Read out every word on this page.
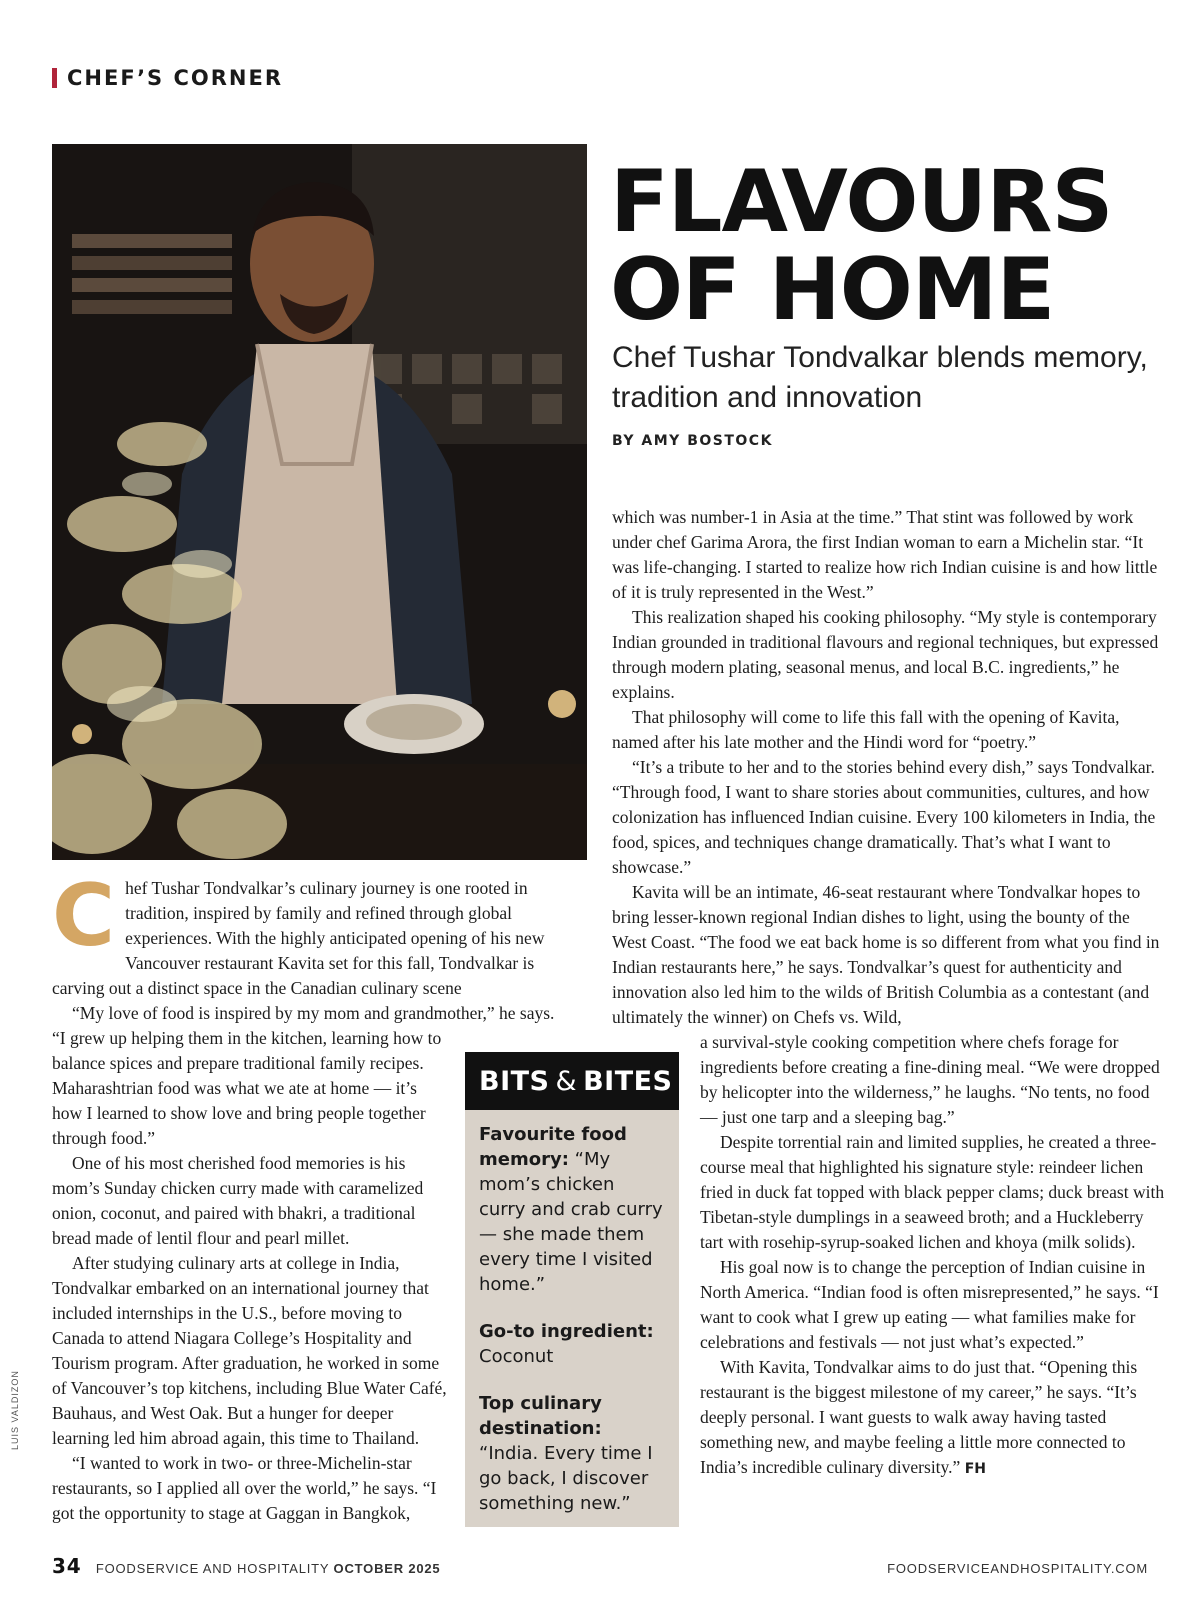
CHEF’S CORNER
FLAVOURS
OF HOME
Chef Tushar Tondvalkar blends memory, tradition and innovation
BY AMY BOSTOCK

Chef Tushar Tondvalkar’s culinary journey is one rooted in tradition, inspired by family and refined through global experiences. With the highly anticipated opening of his new Vancouver restaurant Kavita set for this fall, Tondvalkar is carving out a distinct space in the Canadian culinary scene

“My love of food is inspired by my mom and grandmother,” he says.

“I grew up helping them in the kitchen, learning how to balance spices and prepare traditional family recipes. Maharashtrian food was what we ate at home — it’s how I learned to show love and bring people together through food.”

One of his most cherished food memories is his mom’s Sunday chicken curry made with caramelized onion, coconut, and paired with bhakri, a traditional bread made of lentil flour and pearl millet.

After studying culinary arts at college in India, Tondvalkar embarked on an international journey that included internships in the U.S., before moving to Canada to attend Niagara College’s Hospitality and Tourism program. After graduation, he worked in some of Vancouver’s top kitchens, including Blue Water Café, Bauhaus, and West Oak. But a hunger for deeper learning led him abroad again, this time to Thailand.

“I wanted to work in two- or three-Michelin-star restaurants, so I applied all over the world,” he says. “I got the opportunity to stage at Gaggan in Bangkok,

which was number-1 in Asia at the time.” That stint was followed by work under chef Garima Arora, the first Indian woman to earn a Michelin star. “It was life-changing. I started to realize how rich Indian cuisine is and how little of it is truly represented in the West.”

This realization shaped his cooking philosophy. “My style is contemporary Indian grounded in traditional flavours and regional techniques, but expressed through modern plating, seasonal menus, and local B.C. ingredients,” he explains.

That philosophy will come to life this fall with the opening of Kavita, named after his late mother and the Hindi word for “poetry.”

“It’s a tribute to her and to the stories behind every dish,” says Tondvalkar. “Through food, I want to share stories about communities, cultures, and how colonization has influenced Indian cuisine. Every 100 kilometers in India, the food, spices, and techniques change dramatically. That’s what I want to showcase.”

Kavita will be an intimate, 46-seat restaurant where Tondvalkar hopes to bring lesser-known regional Indian dishes to light, using the bounty of the West Coast. “The food we eat back home is so different from what you find in Indian restaurants here,” he says. Tondvalkar’s quest for authenticity and innovation also led him to the wilds of British Columbia as a contestant (and ultimately the winner) on Chefs vs. Wild,

a survival-style cooking competition where chefs forage for ingredients before creating a fine-dining meal. “We were dropped by helicopter into the wilderness,” he laughs. “No tents, no food — just one tarp and a sleeping bag.”

Despite torrential rain and limited supplies, he created a three-course meal that highlighted his signature style: reindeer lichen fried in duck fat topped with black pepper clams; duck breast with Tibetan-style dumplings in a seaweed broth; and a Huckleberry tart with rosehip-syrup-soaked lichen and khoya (milk solids).

His goal now is to change the perception of Indian cuisine in North America. “Indian food is often misrepresented,” he says. “I want to cook what I grew up eating — what families make for celebrations and festivals — not just what’s expected.”

With Kavita, Tondvalkar aims to do just that. “Opening this restaurant is the biggest milestone of my career,” he says. “It’s deeply personal. I want guests to walk away having tasted something new, and maybe feeling a little more connected to India’s incredible culinary diversity.” FH

BITS & BITES
Favourite food memory: “My mom’s chicken curry and crab curry — she made them every time I visited home.”
Go-to ingredient:
Coconut
Top culinary destination:
“India. Every time I go back, I discover something new.”
LUIS VALDIZON
34 FOODSERVICE AND HOSPITALITY OCTOBER 2025	FOODSERVICEANDHOSPITALITY.COM
